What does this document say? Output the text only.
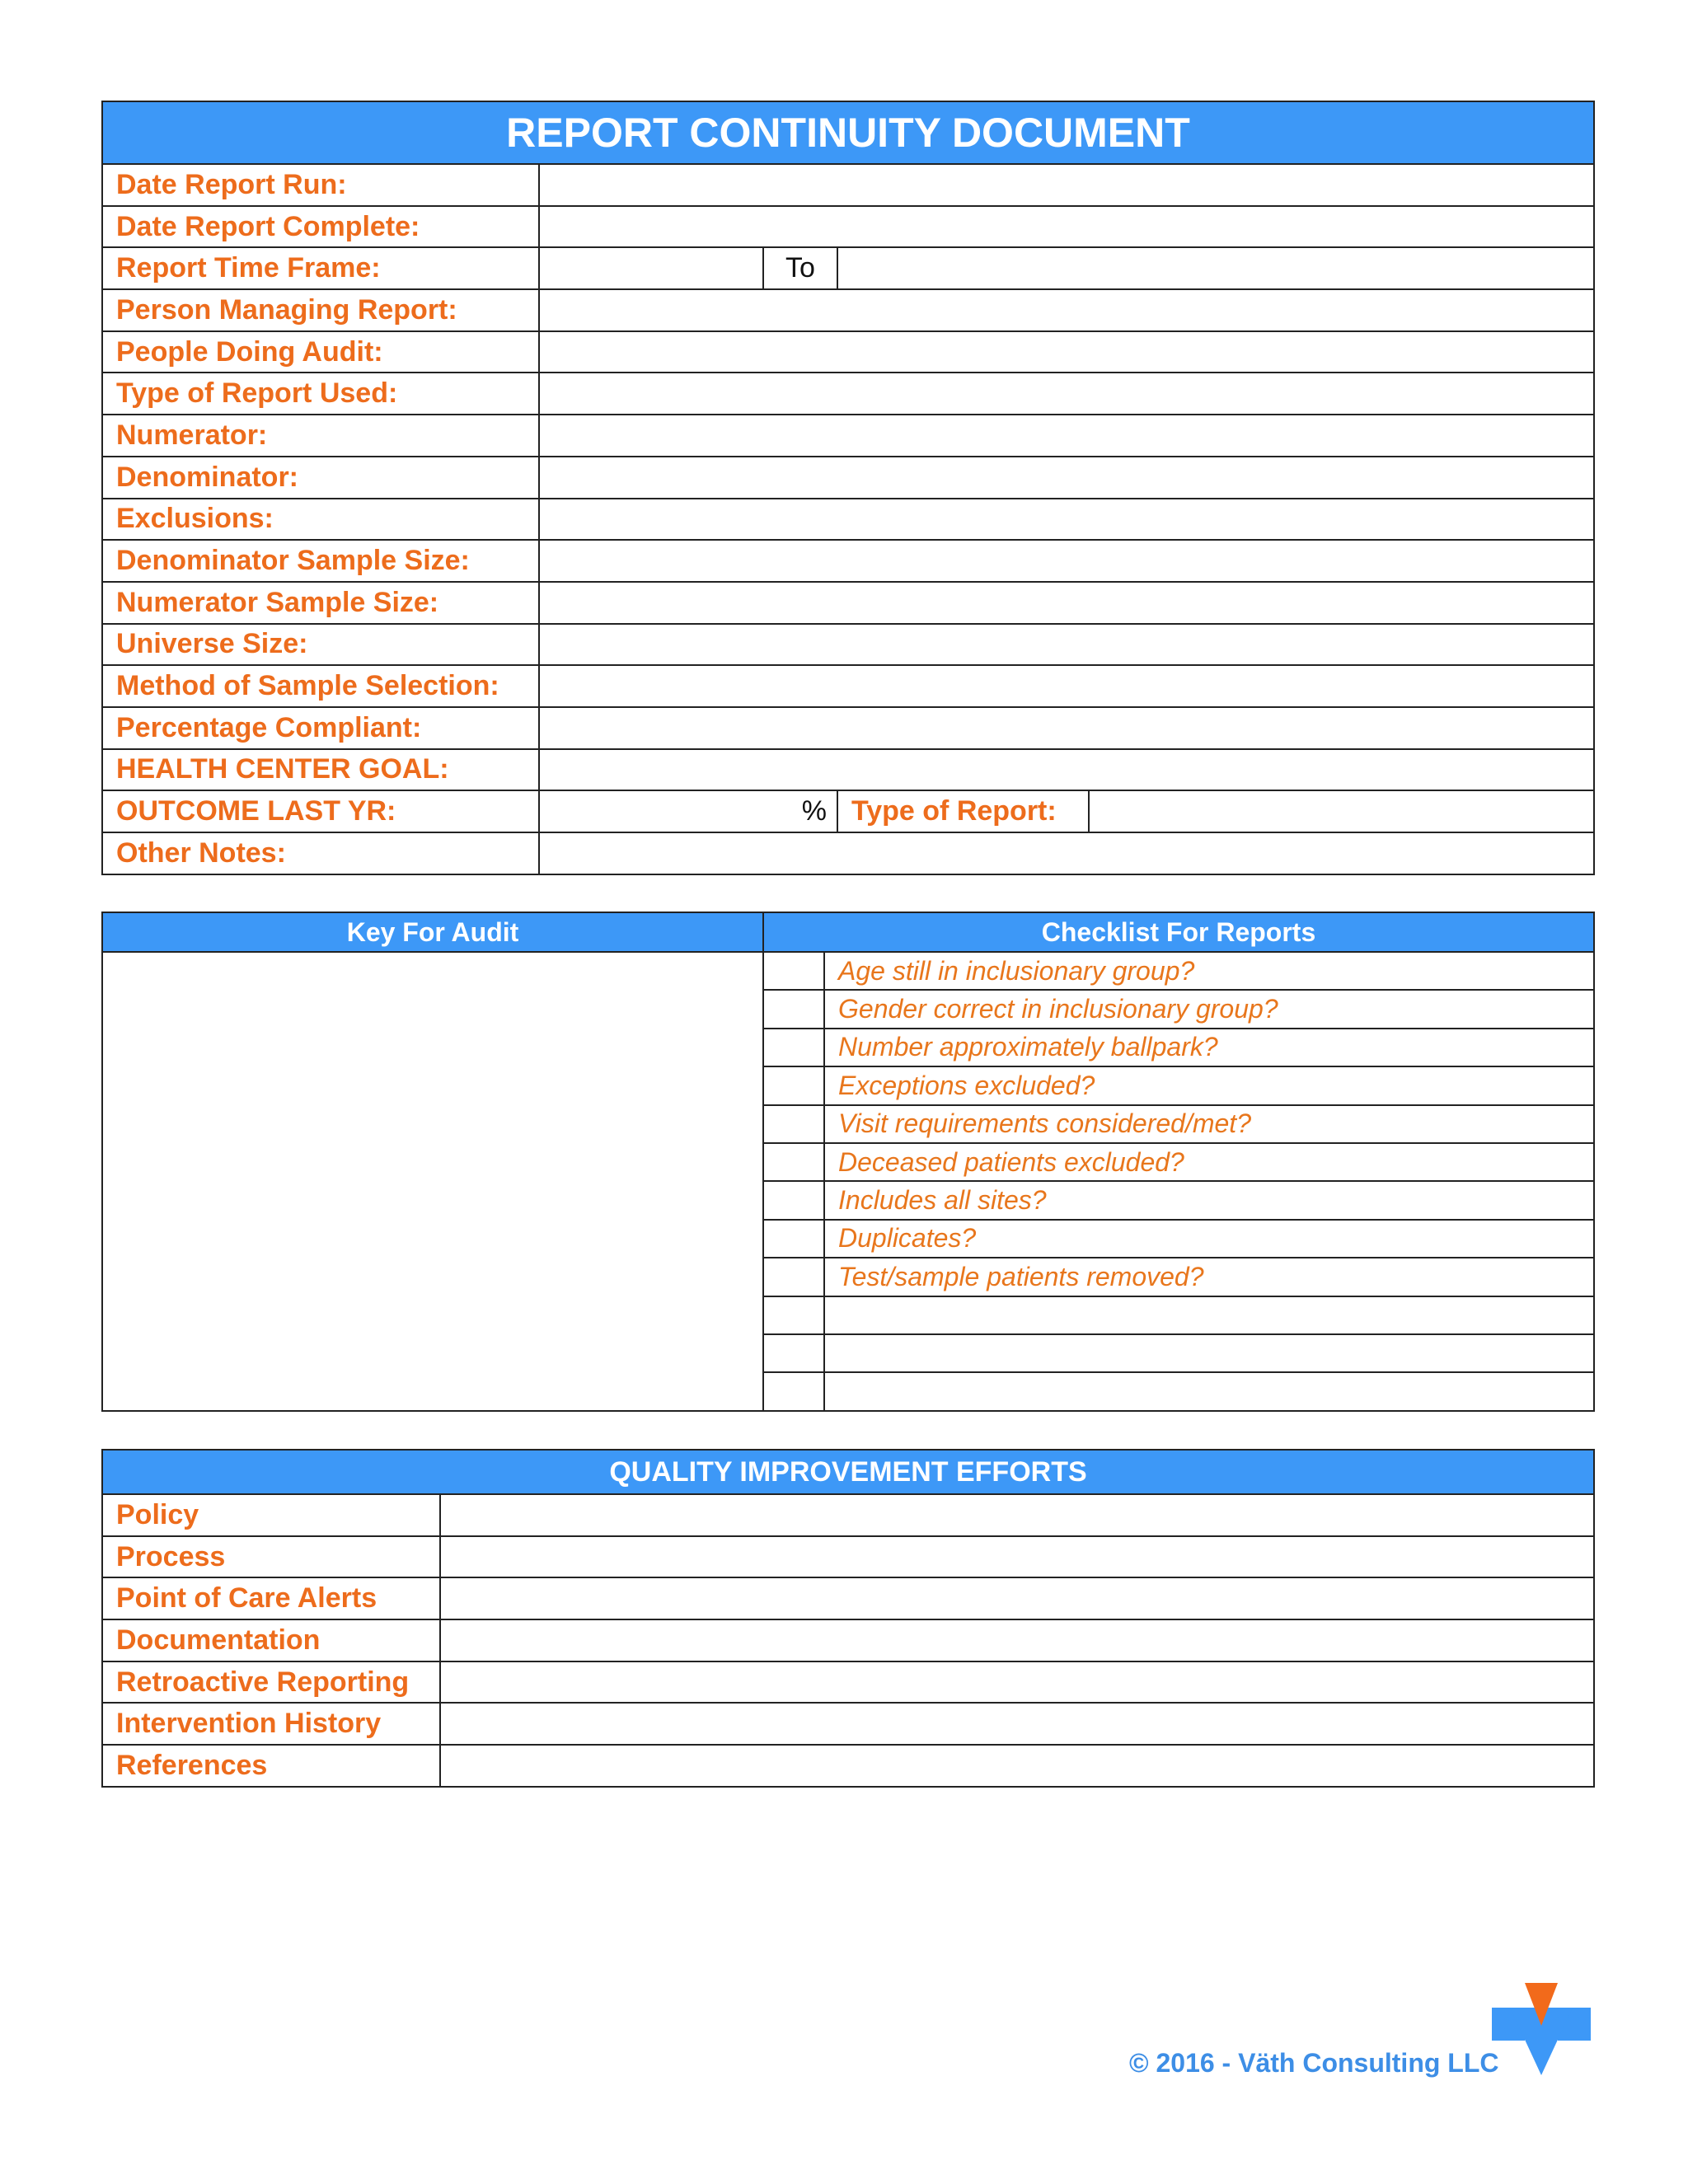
REPORT CONTINUITY DOCUMENT				
Date Report Run:				
Date Report Complete:				
Report Time Frame:		To		
Person Managing Report:				
People Doing Audit:				
Type of Report Used:				
Numerator:				
Denominator:				
Exclusions:				
Denominator Sample Size:				
Numerator Sample Size:				
Universe Size:				
Method of Sample Selection:				
Percentage Compliant:				
HEALTH CENTER GOAL:				
OUTCOME LAST YR:	%		Type of Report:	
Other Notes:				
Key For Audit	Checklist For Reports	
		Age still in inclusionary group?
		Gender correct in inclusionary group?
		Number approximately ballpark?
		Exceptions excluded?
		Visit requirements considered/met?
		Deceased patients excluded?
		Includes all sites?
		Duplicates?
		Test/sample patients removed?

QUALITY IMPROVEMENT EFFORTS	
Policy	
Process	
Point of Care Alerts	
Documentation	
Retroactive Reporting	
Intervention History	
References	
© 2016 - Väth Consulting LLC
